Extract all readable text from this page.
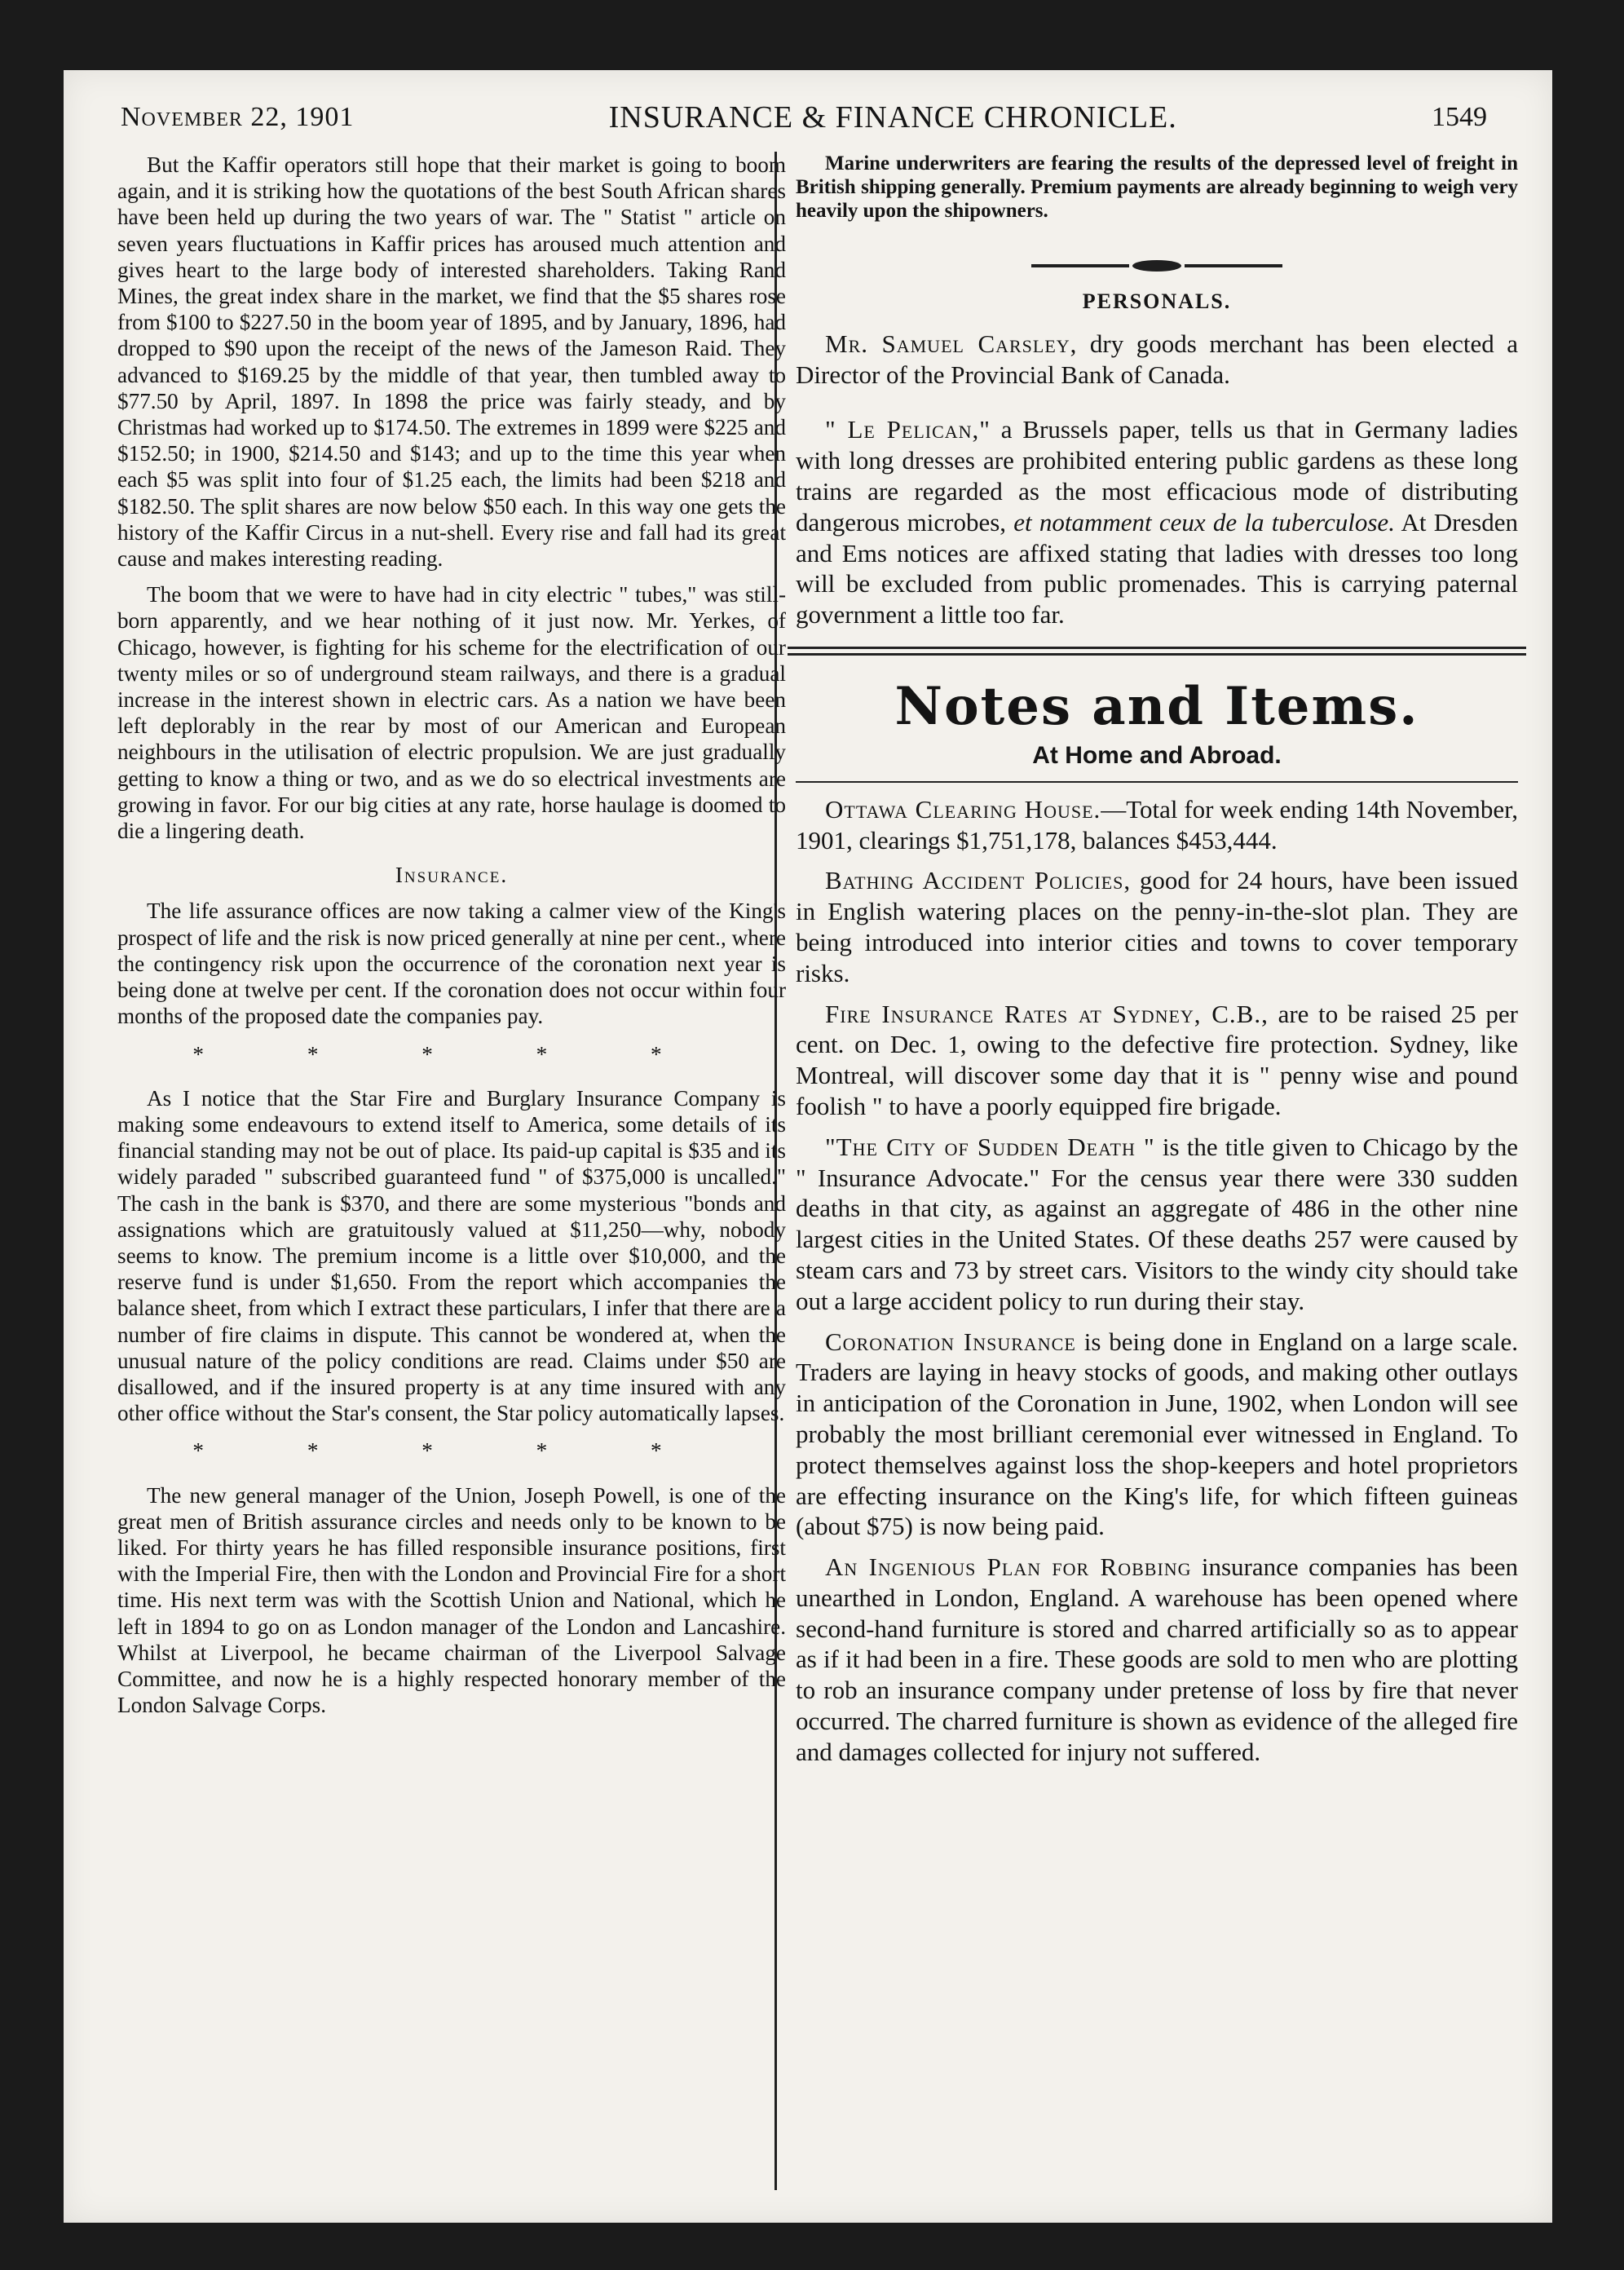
November 22, 1901	INSURANCE & FINANCE CHRONICLE.	1549

But the Kaffir operators still hope that their market is going to boom again, and it is striking how the quotations of the best South African shares have been held up during the two years of war. The " Statist " article on seven years fluctuations in Kaffir prices has aroused much attention and gives heart to the large body of interested shareholders. Taking Rand Mines, the great index share in the market, we find that the $5 shares rose from $100 to $227.50 in the boom year of 1895, and by January, 1896, had dropped to $90 upon the receipt of the news of the Jameson Raid. They advanced to $169.25 by the middle of that year, then tumbled away to $77.50 by April, 1897. In 1898 the price was fairly steady, and by Christmas had worked up to $174.50. The extremes in 1899 were $225 and $152.50; in 1900, $214.50 and $143; and up to the time this year when each $5 was split into four of $1.25 each, the limits had been $218 and $182.50. The split shares are now below $50 each. In this way one gets the history of the Kaffir Circus in a nut-shell. Every rise and fall had its great cause and makes interesting reading.

The boom that we were to have had in city electric " tubes," was still-born apparently, and we hear nothing of it just now. Mr. Yerkes, of Chicago, however, is fighting for his scheme for the electrification of our twenty miles or so of underground steam railways, and there is a gradual increase in the interest shown in electric cars. As a nation we have been left deplorably in the rear by most of our American and European neighbours in the utilisation of electric propulsion. We are just gradually getting to know a thing or two, and as we do so electrical investments are growing in favor. For our big cities at any rate, horse haulage is doomed to die a lingering death.

Insurance.

The life assurance offices are now taking a calmer view of the King's prospect of life and the risk is now priced generally at nine per cent., where the contingency risk upon the occurrence of the coronation next year is being done at twelve per cent. If the coronation does not occur within four months of the proposed date the companies pay.

* * * * *

As I notice that the Star Fire and Burglary Insurance Company is making some endeavours to extend itself to America, some details of its financial standing may not be out of place. Its paid-up capital is $35 and its widely paraded " subscribed guaranteed fund " of $375,000 is uncalled." The cash in the bank is $370, and there are some mysterious "bonds and assignations which are gratuitously valued at $11,250—why, nobody seems to know. The premium income is a little over $10,000, and the reserve fund is under $1,650. From the report which accompanies the balance sheet, from which I extract these particulars, I infer that there are a number of fire claims in dispute. This cannot be wondered at, when the unusual nature of the policy conditions are read. Claims under $50 are disallowed, and if the insured property is at any time insured with any other office without the Star's consent, the Star policy automatically lapses.

* * * * *

The new general manager of the Union, Joseph Powell, is one of the great men of British assurance circles and needs only to be known to be liked. For thirty years he has filled responsible insurance positions, first with the Imperial Fire, then with the London and Provincial Fire for a short time. His next term was with the Scottish Union and National, which he left in 1894 to go on as London manager of the London and Lancashire. Whilst at Liverpool, he became chairman of the Liverpool Salvage Committee, and now he is a highly respected honorary member of the London Salvage Corps.

Marine underwriters are fearing the results of the depressed level of freight in British shipping generally. Premium payments are already beginning to weigh very heavily upon the shipowners.

PERSONALS.

Mr. Samuel Carsley, dry goods merchant has been elected a Director of the Provincial Bank of Canada.

" Le Pelican," a Brussels paper, tells us that in Germany ladies with long dresses are prohibited entering public gardens as these long trains are regarded as the most efficacious mode of distributing dangerous microbes, et notamment ceux de la tuberculose. At Dresden and Ems notices are affixed stating that ladies with dresses too long will be excluded from public promenades. This is carrying paternal government a little too far.

Notes and Items.
At Home and Abroad.

Ottawa Clearing House.—Total for week ending 14th November, 1901, clearings $1,751,178, balances $453,444.

Bathing Accident Policies, good for 24 hours, have been issued in English watering places on the penny-in-the-slot plan. They are being introduced into interior cities and towns to cover temporary risks.

Fire Insurance Rates at Sydney, C.B., are to be raised 25 per cent. on Dec. 1, owing to the defective fire protection. Sydney, like Montreal, will discover some day that it is " penny wise and pound foolish " to have a poorly equipped fire brigade.

"The City of Sudden Death " is the title given to Chicago by the " Insurance Advocate." For the census year there were 330 sudden deaths in that city, as against an aggregate of 486 in the other nine largest cities in the United States. Of these deaths 257 were caused by steam cars and 73 by street cars. Visitors to the windy city should take out a large accident policy to run during their stay.

Coronation Insurance is being done in England on a large scale. Traders are laying in heavy stocks of goods, and making other outlays in anticipation of the Coronation in June, 1902, when London will see probably the most brilliant ceremonial ever witnessed in England. To protect themselves against loss the shop-keepers and hotel proprietors are effecting insurance on the King's life, for which fifteen guineas (about $75) is now being paid.

An Ingenious Plan for Robbing insurance companies has been unearthed in London, England. A warehouse has been opened where second-hand furniture is stored and charred artificially so as to appear as if it had been in a fire. These goods are sold to men who are plotting to rob an insurance company under pretense of loss by fire that never occurred. The charred furniture is shown as evidence of the alleged fire and damages collected for injury not suffered.
